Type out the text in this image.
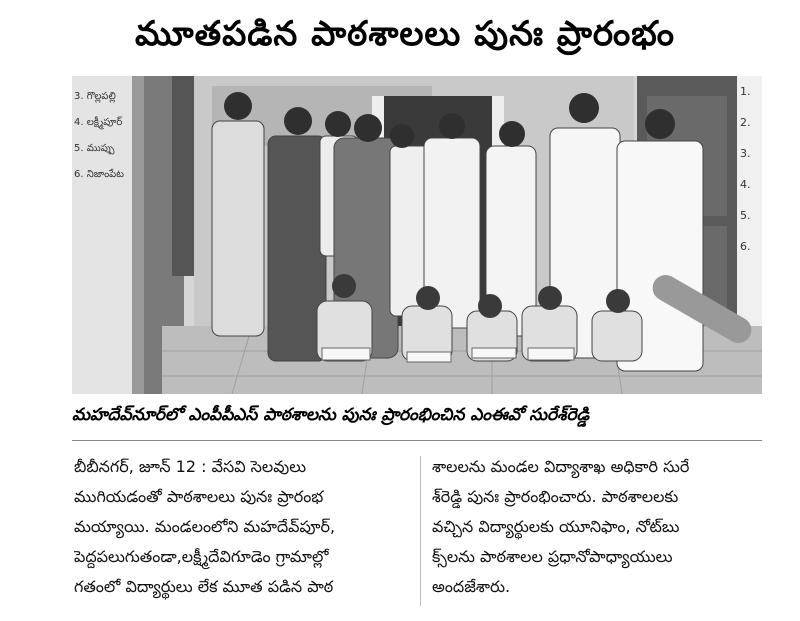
మూతపడిన పాఠశాలలు పునః ప్రారంభం
3. గొల్లపల్లి
4. లక్ష్మీపూర్
5. ముప్పు
6. నిజాంపేట
1.
2.
3.
4.
5.
6.
మహదేవ్‌నూర్‌లో ఎంపీపీఎస్ పాఠశాలను పునః ప్రారంభించిన ఎంఈవో సురేశ్‌రెడ్డి
బీబీనగర్, జూన్ 12 : వేసవి సెలవులు
ముగియడంతో పాఠశాలలు పునః ప్రారంభ
మయ్యాయి. మండలంలోని మహదేవ్‌పూర్,
పెద్దపలుగుతండా,లక్ష్మీదేవిగూడెం గ్రామాల్లో
గతంలో విద్యార్థులు లేక మూత పడిన పాఠ
శాలలను మండల విద్యాశాఖ అధికారి సురే
శ్‌రెడ్డి పునః ప్రారంభించారు. పాఠశాలలకు
వచ్చిన విద్యార్థులకు యూనిఫాం, నోట్‌బు
క్స్‌లను పాఠశాలల ప్రధానోపాధ్యాయులు
అందజేశారు.
